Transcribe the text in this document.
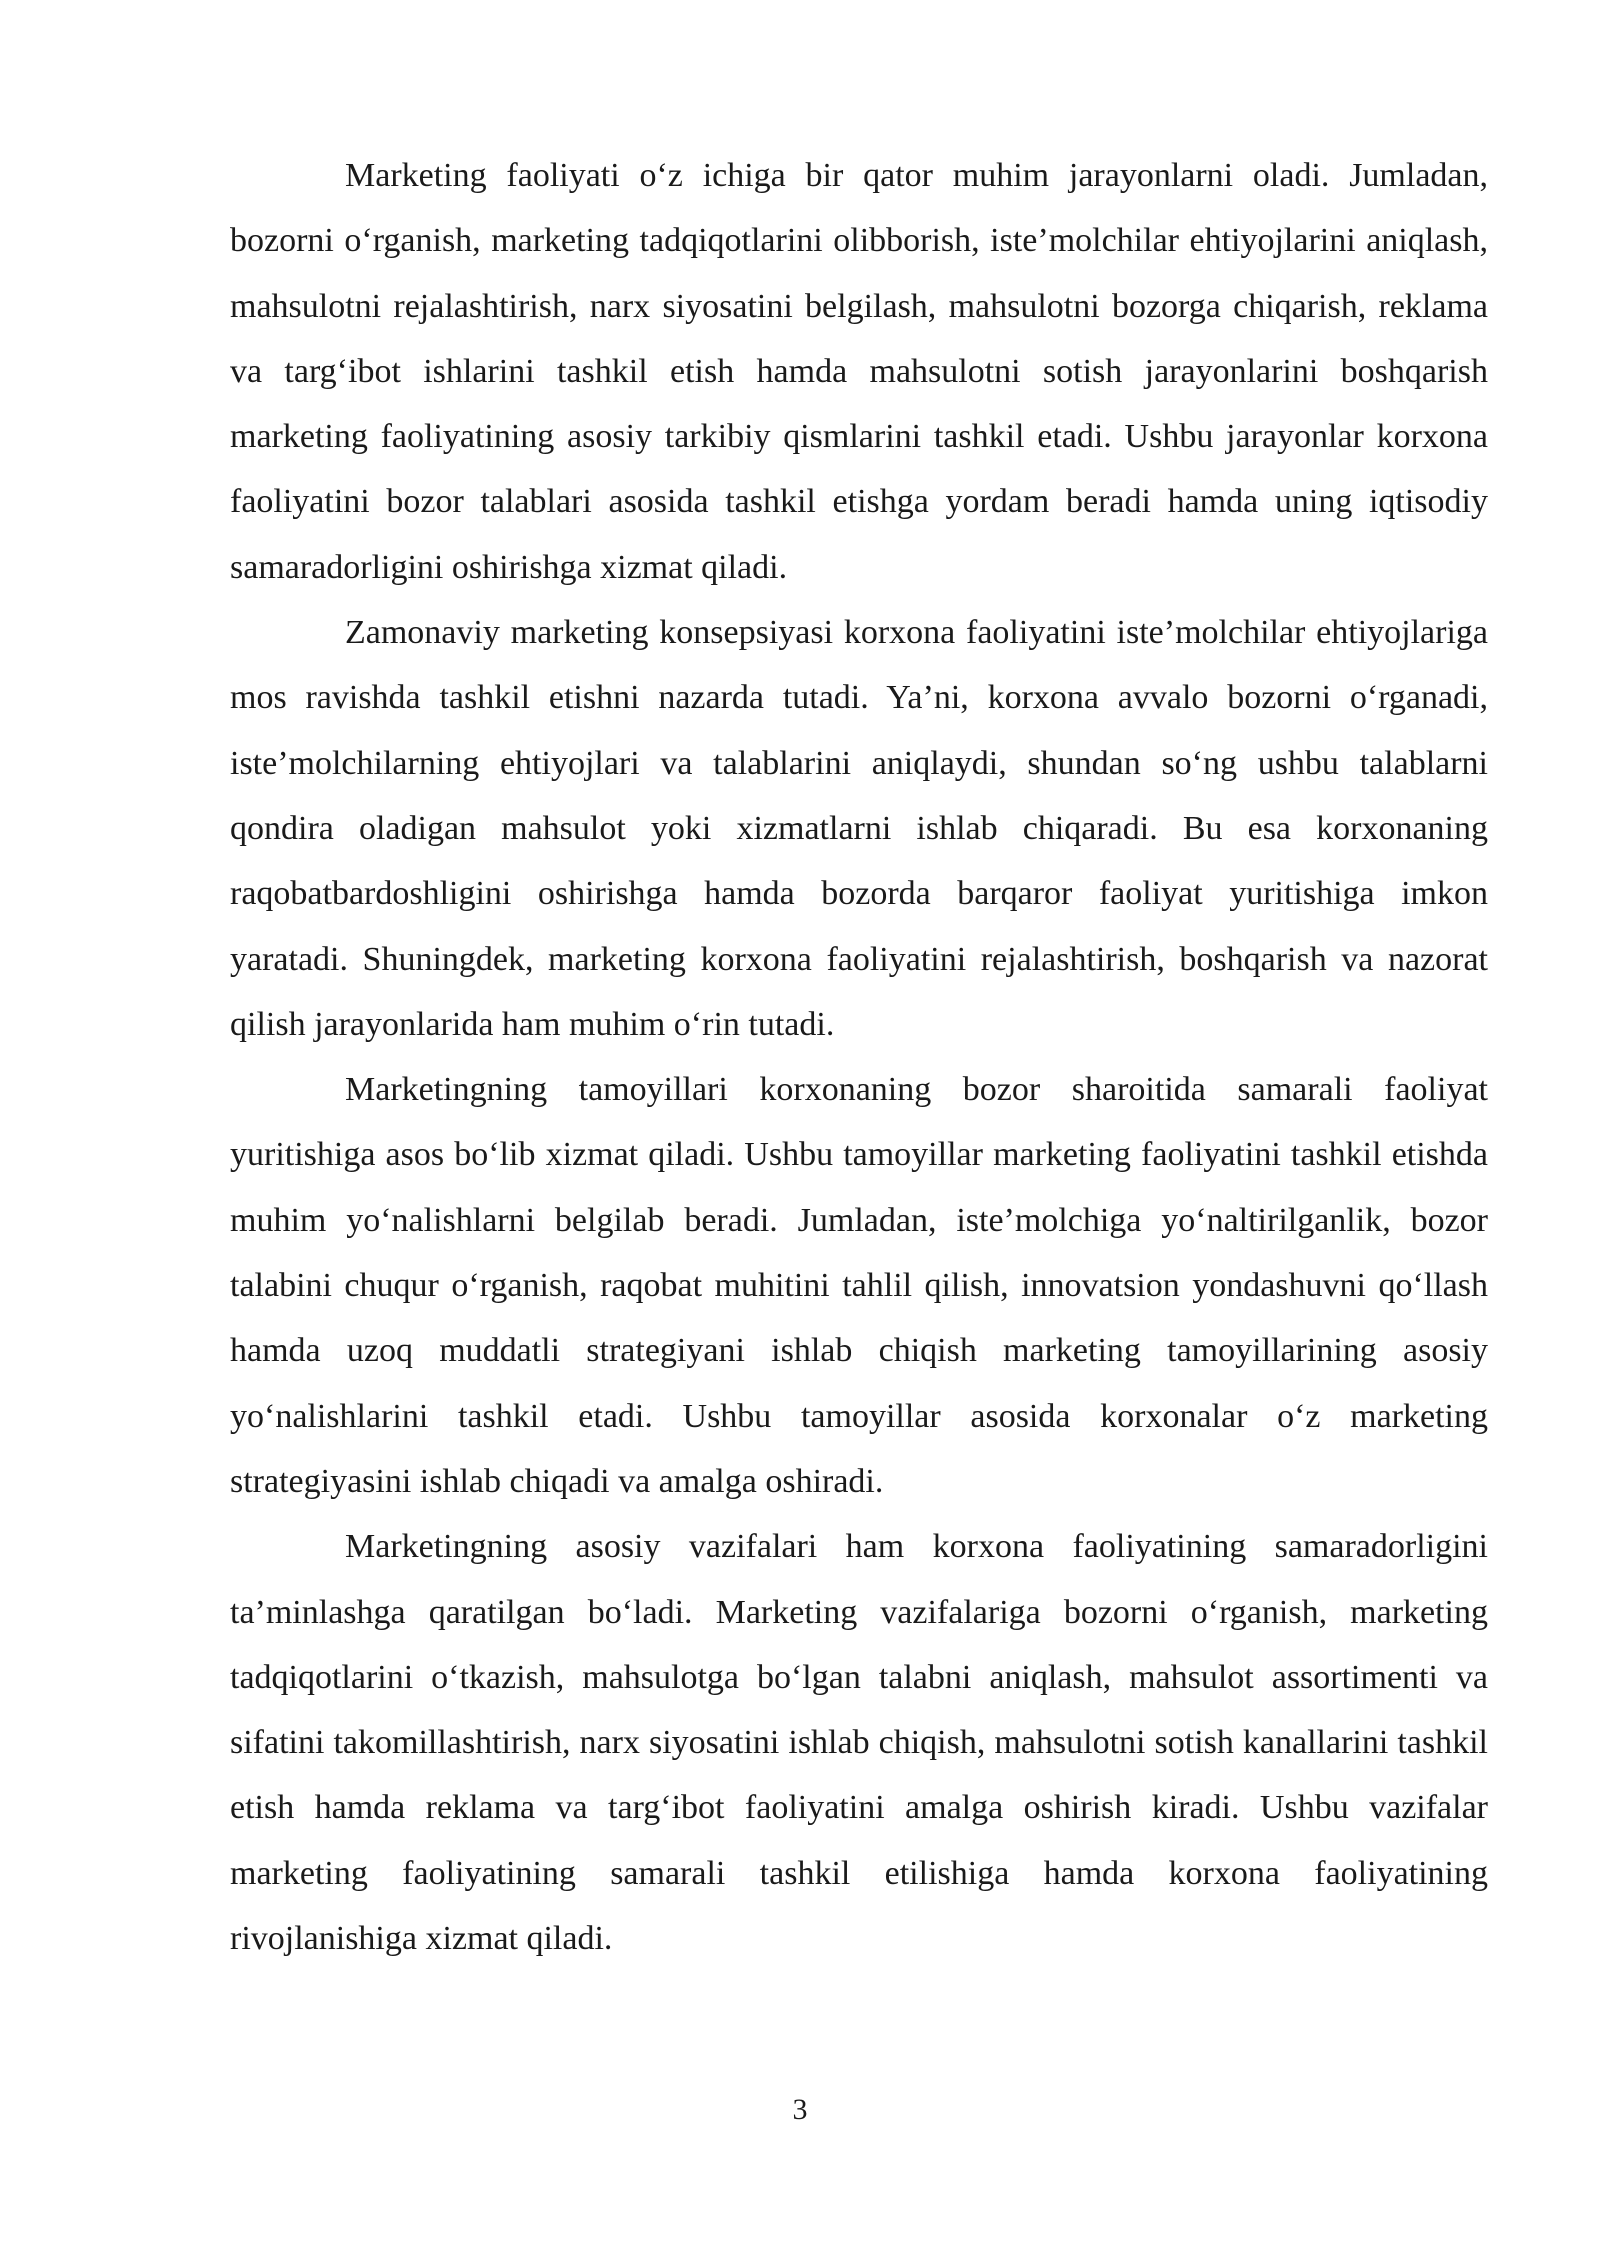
Marketing faoliyati o‘z ichiga bir qator muhim jarayonlarni oladi. Jumladan, bozorni o‘rganish, marketing tadqiqotlarini olibborish, iste’molchilar ehtiyojlarini aniqlash, mahsulotni rejalashtirish, narx siyosatini belgilash, mahsulotni bozorga chiqarish, reklama va targ‘ibot ishlarini tashkil etish hamda mahsulotni sotish jarayonlarini boshqarish marketing faoliyatining asosiy tarkibiy qismlarini tashkil etadi. Ushbu jarayonlar korxona faoliyatini bozor talablari asosida tashkil etishga yordam beradi hamda uning iqtisodiy samaradorligini oshirishga xizmat qiladi.

Zamonaviy marketing konsepsiyasi korxona faoliyatini iste’molchilar ehtiyojlariga mos ravishda tashkil etishni nazarda tutadi. Ya’ni, korxona avvalo bozorni o‘rganadi, iste’molchilarning ehtiyojlari va talablarini aniqlaydi, shundan so‘ng ushbu talablarni qondira oladigan mahsulot yoki xizmatlarni ishlab chiqaradi. Bu esa korxonaning raqobatbardoshligini oshirishga hamda bozorda barqaror faoliyat yuritishiga imkon yaratadi. Shuningdek, marketing korxona faoliyatini rejalashtirish, boshqarish va nazorat qilish jarayonlarida ham muhim o‘rin tutadi.

Marketingning tamoyillari korxonaning bozor sharoitida samarali faoliyat yuritishiga asos bo‘lib xizmat qiladi. Ushbu tamoyillar marketing faoliyatini tashkil etishda muhim yo‘nalishlarni belgilab beradi. Jumladan, iste’molchiga yo‘naltirilganlik, bozor talabini chuqur o‘rganish, raqobat muhitini tahlil qilish, innovatsion yondashuvni qo‘llash hamda uzoq muddatli strategiyani ishlab chiqish marketing tamoyillarining asosiy yo‘nalishlarini tashkil etadi. Ushbu tamoyillar asosida korxonalar o‘z marketing strategiyasini ishlab chiqadi va amalga oshiradi.

Marketingning asosiy vazifalari ham korxona faoliyatining samaradorligini ta’minlashga qaratilgan bo‘ladi. Marketing vazifalariga bozorni o‘rganish, marketing tadqiqotlarini o‘tkazish, mahsulotga bo‘lgan talabni aniqlash, mahsulot assortimenti va sifatini takomillashtirish, narx siyosatini ishlab chiqish, mahsulotni sotish kanallarini tashkil etish hamda reklama va targ‘ibot faoliyatini amalga oshirish kiradi. Ushbu vazifalar marketing faoliyatining samarali tashkil etilishiga hamda korxona faoliyatining rivojlanishiga xizmat qiladi.

3
